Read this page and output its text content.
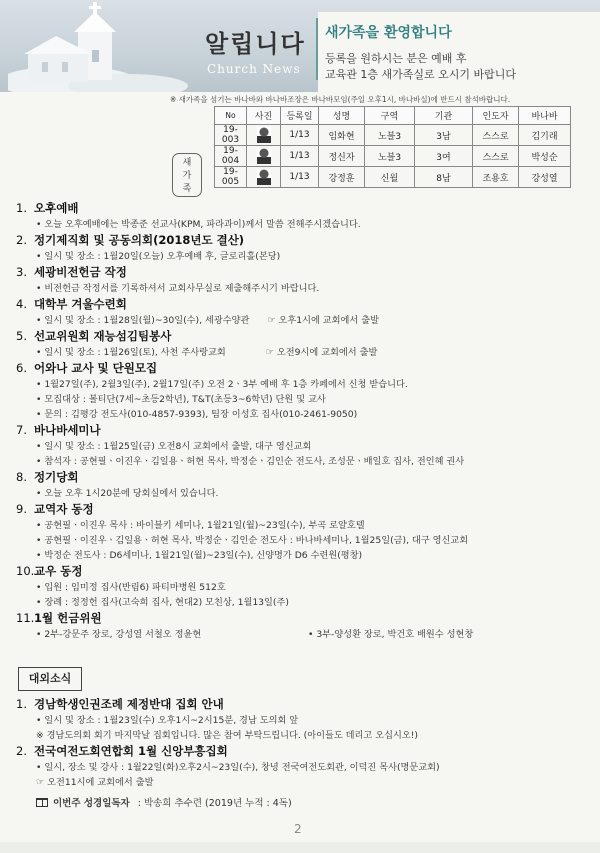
알립니다
Church News
새가족을 환영합니다
등록을 원하시는 분은 예배 후
교육관 1층 새가족실로 오시기 바랍니다
※ 새가족을 섬기는 바나바와 바나바조장은 바나바모임(주일 오후1시, 바나바실)에 반드시 참석바랍니다.
새가족
No	사진	등록일	성명	구역	기관	인도자	바나바
19-003		1/13	임화현	노블3	3남	스스로	김기래
19-004		1/13	정신자	노블3	3여	스스로	박성순
19-005		1/13	강정훈	신월	8남	조용호	강성열
1. 오후예배
• 오늘 오후예배에는 박종준 선교사(KPM, 파라과이)께서 말씀 전해주시겠습니다.
2. 정기제직회 및 공동의회(2018년도 결산)
• 일시 및 장소 : 1월20일(오늘) 오후예배 후, 글로리홀(본당)
3. 세광비전헌금 작정
• 비전헌금 작정서를 기록하셔서 교회사무실로 제출해주시기 바랍니다.
4. 대학부 겨울수련회
• 일시 및 장소 : 1월28일(월)~30일(수), 세광수양관 ☞ 오후1시에 교회에서 출발
5. 선교위원회 재능섬김팀봉사
• 일시 및 장소 : 1월26일(토), 사천 주사랑교회	☞ 오전9시에 교회에서 출발
6. 어와나 교사 및 단원모집
• 1월27일(주), 2월3일(주), 2월17일(주) 오전 2ㆍ3부 예배 후 1층 카페에서 신청 받습니다.
• 모집대상 : 볼티단(7세~초등2학년), T&T(초등3~6학년) 단원 및 교사
• 문의 : 김평강 전도사(010-4857-9393), 팀장 이성호 집사(010-2461-9050)
7. 바나바세미나
• 일시 및 장소 : 1월25일(금) 오전8시 교회에서 출발, 대구 영신교회
• 참석자 : 공현필ㆍ이진우ㆍ김일용ㆍ허현 목사, 박정순ㆍ김인순 전도사, 조성문ㆍ배일호 집사, 전인혜 권사
8. 정기당회
• 오늘 오후 1시20분에 당회실에서 있습니다.
9. 교역자 동정
• 공현필ㆍ이진우 목사 : 바이블키 세미나, 1월21일(월)~23일(수), 부곡 로얄호텔
• 공현필ㆍ이진우ㆍ김일용ㆍ허현 목사, 박정순ㆍ김인순 전도사 : 바나바세미나, 1월25일(금), 대구 영신교회
• 박정순 전도사 : D6세미나, 1월21일(월)~23일(수), 신양명가 D6 수련원(평창)
10.교우 동정
• 입원 : 임미정 집사(반림6) 파티마병원 512호
• 장례 : 정정헌 집사(고숙희 집사, 현대2) 모친상, 1월13일(주)
11.1월 헌금위원
• 2부-강문주 장로, 강성열 서철오 정윤현	• 3부-양성환 장로, 박건호 배원수 성현창
대외소식
1. 경남학생인권조례 제정반대 집회 안내
• 일시 및 장소 : 1월23일(수) 오후1시~2시15분, 경남 도의회 앞
※ 경남도의회 회기 마지막날 집회입니다. 많은 참여 부탁드립니다. (아이들도 데리고 오십시오!)
2. 전국여전도회연합회 1월 신앙부흥집회
• 일시, 장소 및 강사 : 1월22일(화)오후2시~23일(수), 창녕 전국여전도회관, 이덕진 목사(명문교회)
☞ 오전11시에 교회에서 출발
이번주 성경일독자 : 박송희 추수련 (2019년 누적 : 4독)
2
